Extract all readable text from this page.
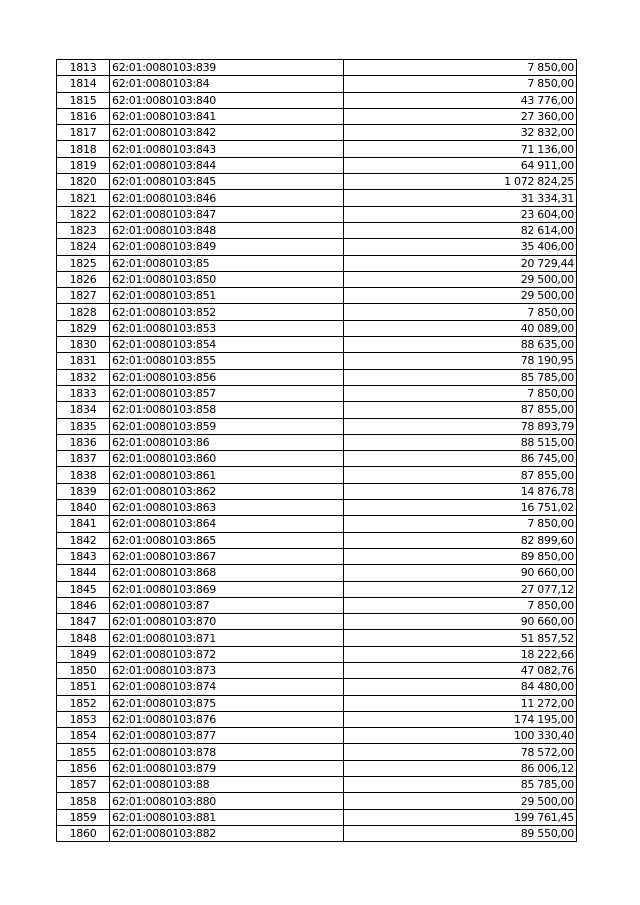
1813	62:01:0080103:839	7 850,00
1814	62:01:0080103:84	7 850,00
1815	62:01:0080103:840	43 776,00
1816	62:01:0080103:841	27 360,00
1817	62:01:0080103:842	32 832,00
1818	62:01:0080103:843	71 136,00
1819	62:01:0080103:844	64 911,00
1820	62:01:0080103:845	1 072 824,25
1821	62:01:0080103:846	31 334,31
1822	62:01:0080103:847	23 604,00
1823	62:01:0080103:848	82 614,00
1824	62:01:0080103:849	35 406,00
1825	62:01:0080103:85	20 729,44
1826	62:01:0080103:850	29 500,00
1827	62:01:0080103:851	29 500,00
1828	62:01:0080103:852	7 850,00
1829	62:01:0080103:853	40 089,00
1830	62:01:0080103:854	88 635,00
1831	62:01:0080103:855	78 190,95
1832	62:01:0080103:856	85 785,00
1833	62:01:0080103:857	7 850,00
1834	62:01:0080103:858	87 855,00
1835	62:01:0080103:859	78 893,79
1836	62:01:0080103:86	88 515,00
1837	62:01:0080103:860	86 745,00
1838	62:01:0080103:861	87 855,00
1839	62:01:0080103:862	14 876,78
1840	62:01:0080103:863	16 751,02
1841	62:01:0080103:864	7 850,00
1842	62:01:0080103:865	82 899,60
1843	62:01:0080103:867	89 850,00
1844	62:01:0080103:868	90 660,00
1845	62:01:0080103:869	27 077,12
1846	62:01:0080103:87	7 850,00
1847	62:01:0080103:870	90 660,00
1848	62:01:0080103:871	51 857,52
1849	62:01:0080103:872	18 222,66
1850	62:01:0080103:873	47 082,76
1851	62:01:0080103:874	84 480,00
1852	62:01:0080103:875	11 272,00
1853	62:01:0080103:876	174 195,00
1854	62:01:0080103:877	100 330,40
1855	62:01:0080103:878	78 572,00
1856	62:01:0080103:879	86 006,12
1857	62:01:0080103:88	85 785,00
1858	62:01:0080103:880	29 500,00
1859	62:01:0080103:881	199 761,45
1860	62:01:0080103:882	89 550,00
